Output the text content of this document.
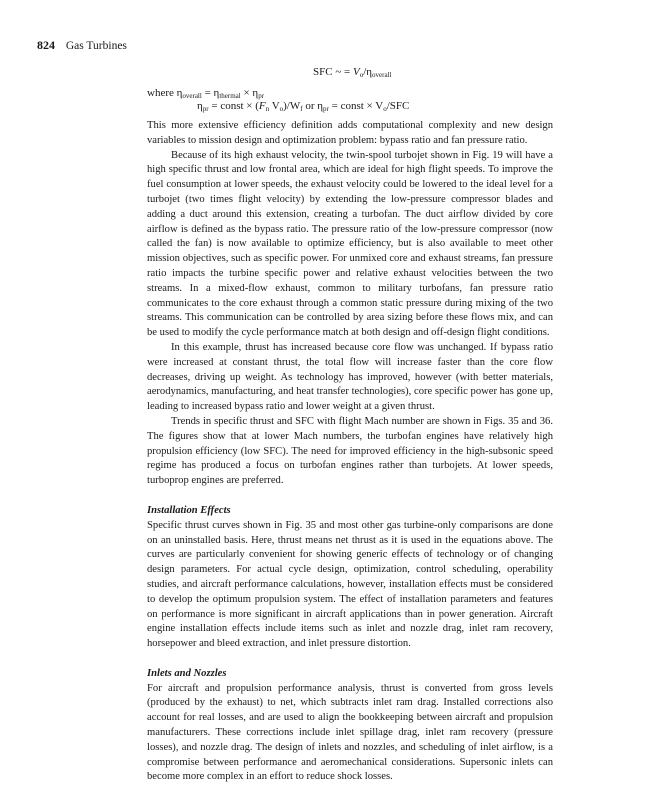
824 Gas Turbines
SFC ~ = $V_o/\eta_{overall}$
where $\eta_{overall} = \eta_{thermal} \times \eta_{pr}$
$\eta_{pr}$ = const × ($F_n$ $V_o)/W_f$ or $\eta_{pr}$ = const × $V_o$/SFC

This more extensive efficiency definition adds computational complexity and new design variables to mission design and optimization problem: bypass ratio and fan pressure ratio.

Because of its high exhaust velocity, the twin-spool turbojet shown in Fig. 19 will have a high specific thrust and low frontal area, which are ideal for high flight speeds. To improve the fuel consumption at lower speeds, the exhaust velocity could be lowered to the ideal level for a turbojet (two times flight velocity) by extending the low-pressure compressor blades and adding a duct around this extension, creating a turbofan. The duct airflow divided by core airflow is defined as the bypass ratio. The pressure ratio of the low-pressure compressor (now called the fan) is now available to optimize efficiency, but is also available to meet other mission objectives, such as specific power. For unmixed core and exhaust streams, fan pressure ratio impacts the turbine specific power and relative exhaust velocities between the two streams. In a mixed-flow exhaust, common to military turbofans, fan pressure ratio communicates to the core exhaust through a common static pressure during mixing of the two streams. This communication can be controlled by area sizing before these flows mix, and can be used to modify the cycle performance match at both design and off-design flight conditions.

In this example, thrust has increased because core flow was unchanged. If bypass ratio were increased at constant thrust, the total flow will increase faster than the core flow decreases, driving up weight. As technology has improved, however (with better materials, aerodynamics, manufacturing, and heat transfer technologies), core specific power has gone up, leading to increased bypass ratio and lower weight at a given thrust.

Trends in specific thrust and SFC with flight Mach number are shown in Figs. 35 and 36. The figures show that at lower Mach numbers, the turbofan engines have relatively high propulsion efficiency (low SFC). The need for improved efficiency in the high-subsonic speed regime has produced a focus on turbofan engines rather than turbojets. At lower speeds, turboprop engines are preferred.

Installation Effects

Specific thrust curves shown in Fig. 35 and most other gas turbine-only comparisons are done on an uninstalled basis. Here, thrust means net thrust as it is used in the equations above. The curves are particularly convenient for showing generic effects of technology or of changing design parameters. For actual cycle design, optimization, control scheduling, operability studies, and aircraft performance calculations, however, installation effects must be considered to develop the optimum propulsion system. The effect of installation parameters and features on performance is more significant in aircraft applications than in power generation. Aircraft engine installation effects include items such as inlet and nozzle drag, inlet ram recovery, horsepower and bleed extraction, and inlet pressure distortion.

Inlets and Nozzles

For aircraft and propulsion performance analysis, thrust is converted from gross levels (produced by the exhaust) to net, which subtracts inlet ram drag. Installed corrections also account for real losses, and are used to align the bookkeeping between aircraft and propulsion manufacturers. These corrections include inlet spillage drag, inlet ram recovery (pressure losses), and nozzle drag. The design of inlets and nozzles, and scheduling of inlet airflow, is a compromise between performance and aeromechanical considerations. Supersonic inlets can become more complex in an effort to reduce shock losses.
